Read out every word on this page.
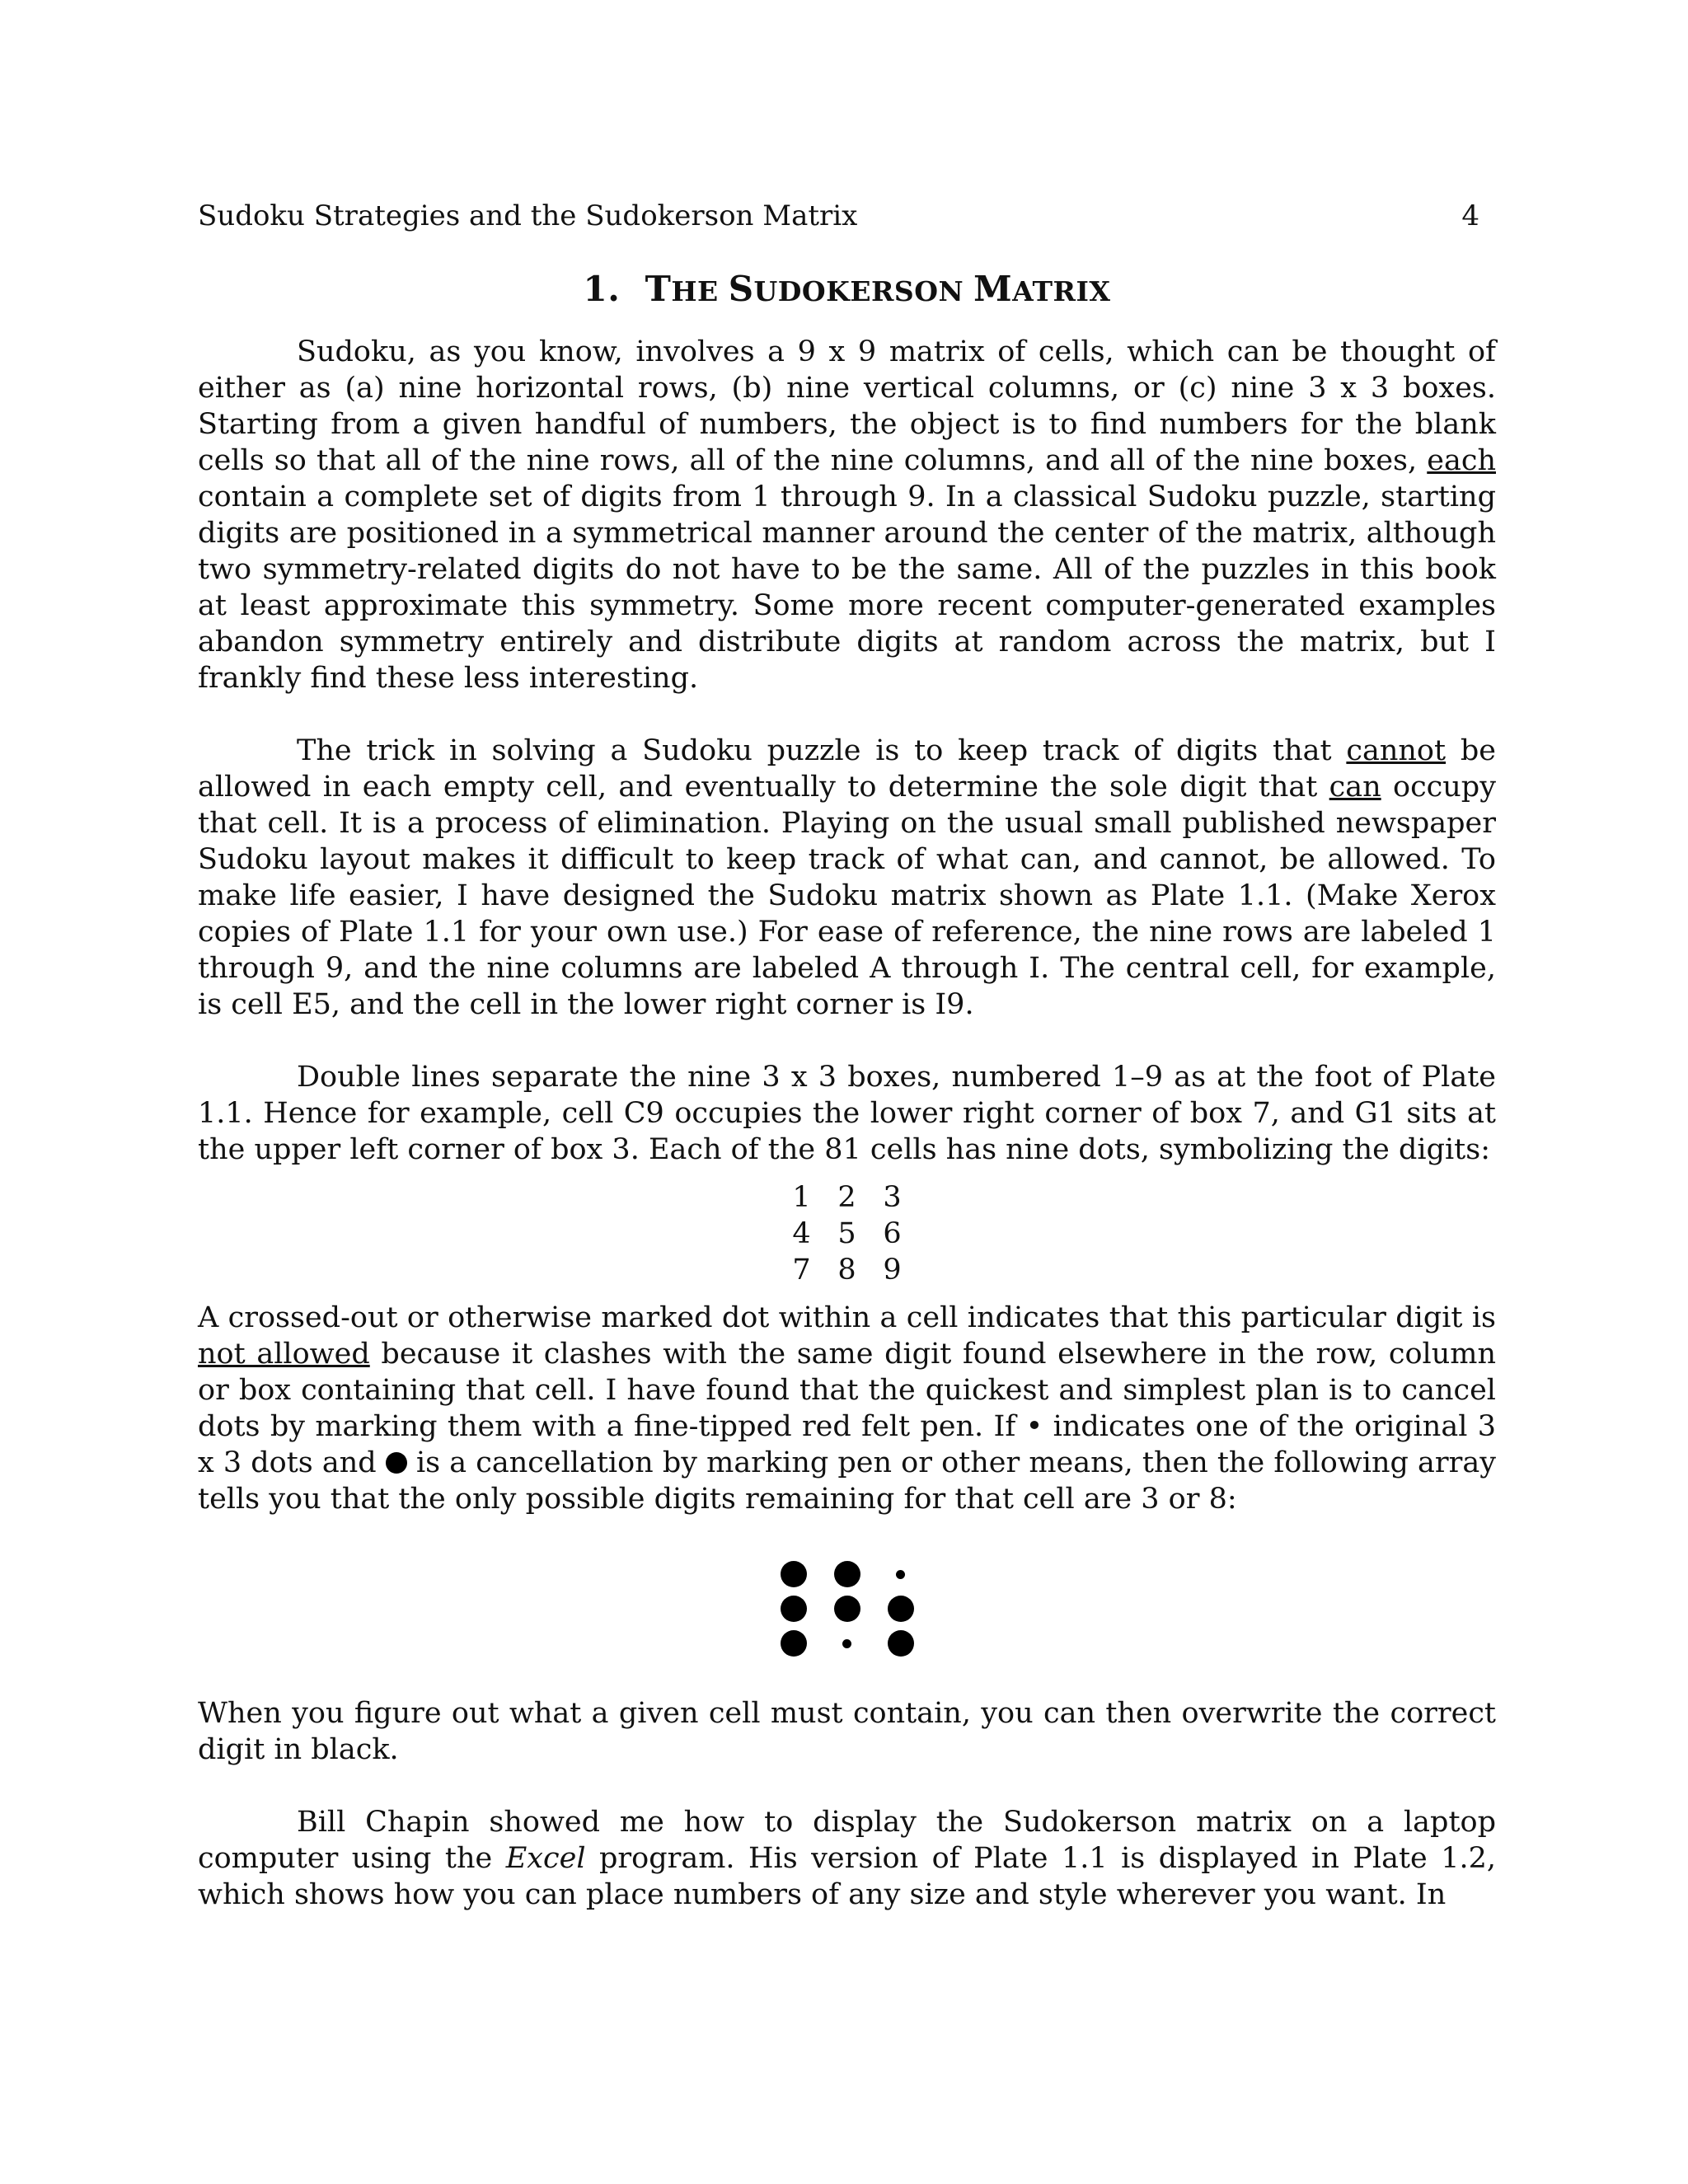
Sudoku Strategies and the Sudokerson Matrix	4
1. THE SUDOKERSON MATRIX

Sudoku, as you know, involves a 9 x 9 matrix of cells, which can be thought of either as (a) nine horizontal rows, (b) nine vertical columns, or (c) nine 3 x 3 boxes. Starting from a given handful of numbers, the object is to find numbers for the blank cells so that all of the nine rows, all of the nine columns, and all of the nine boxes, each contain a complete set of digits from 1 through 9. In a classical Sudoku puzzle, starting digits are positioned in a symmetrical manner around the center of the matrix, although two symmetry-related digits do not have to be the same. All of the puzzles in this book at least approximate this symmetry. Some more recent computer-generated examples abandon symmetry entirely and distribute digits at random across the matrix, but I frankly find these less interesting.

The trick in solving a Sudoku puzzle is to keep track of digits that cannot be allowed in each empty cell, and eventually to determine the sole digit that can occupy that cell. It is a process of elimination. Playing on the usual small published newspaper Sudoku layout makes it difficult to keep track of what can, and cannot, be allowed. To make life easier, I have designed the Sudoku matrix shown as Plate 1.1. (Make Xerox copies of Plate 1.1 for your own use.) For ease of reference, the nine rows are labeled 1 through 9, and the nine columns are labeled A through I. The central cell, for example, is cell E5, and the cell in the lower right corner is I9.

Double lines separate the nine 3 x 3 boxes, numbered 1–9 as at the foot of Plate 1.1. Hence for example, cell C9 occupies the lower right corner of box 7, and G1 sits at the upper left corner of box 3. Each of the 81 cells has nine dots, symbolizing the digits:

1 2 3
4 5 6
7 8 9

A crossed-out or otherwise marked dot within a cell indicates that this particular digit is not allowed because it clashes with the same digit found elsewhere in the row, column or box containing that cell. I have found that the quickest and simplest plan is to cancel dots by marking them with a fine-tipped red felt pen. If • indicates one of the original 3 x 3 dots and  is a cancellation by marking pen or other means, then the following array tells you that the only possible digits remaining for that cell are 3 or 8:

When you figure out what a given cell must contain, you can then overwrite the correct digit in black.

Bill Chapin showed me how to display the Sudokerson matrix on a laptop computer using the Excel program. His version of Plate 1.1 is displayed in Plate 1.2, which shows how you can place numbers of any size and style wherever you want. In
